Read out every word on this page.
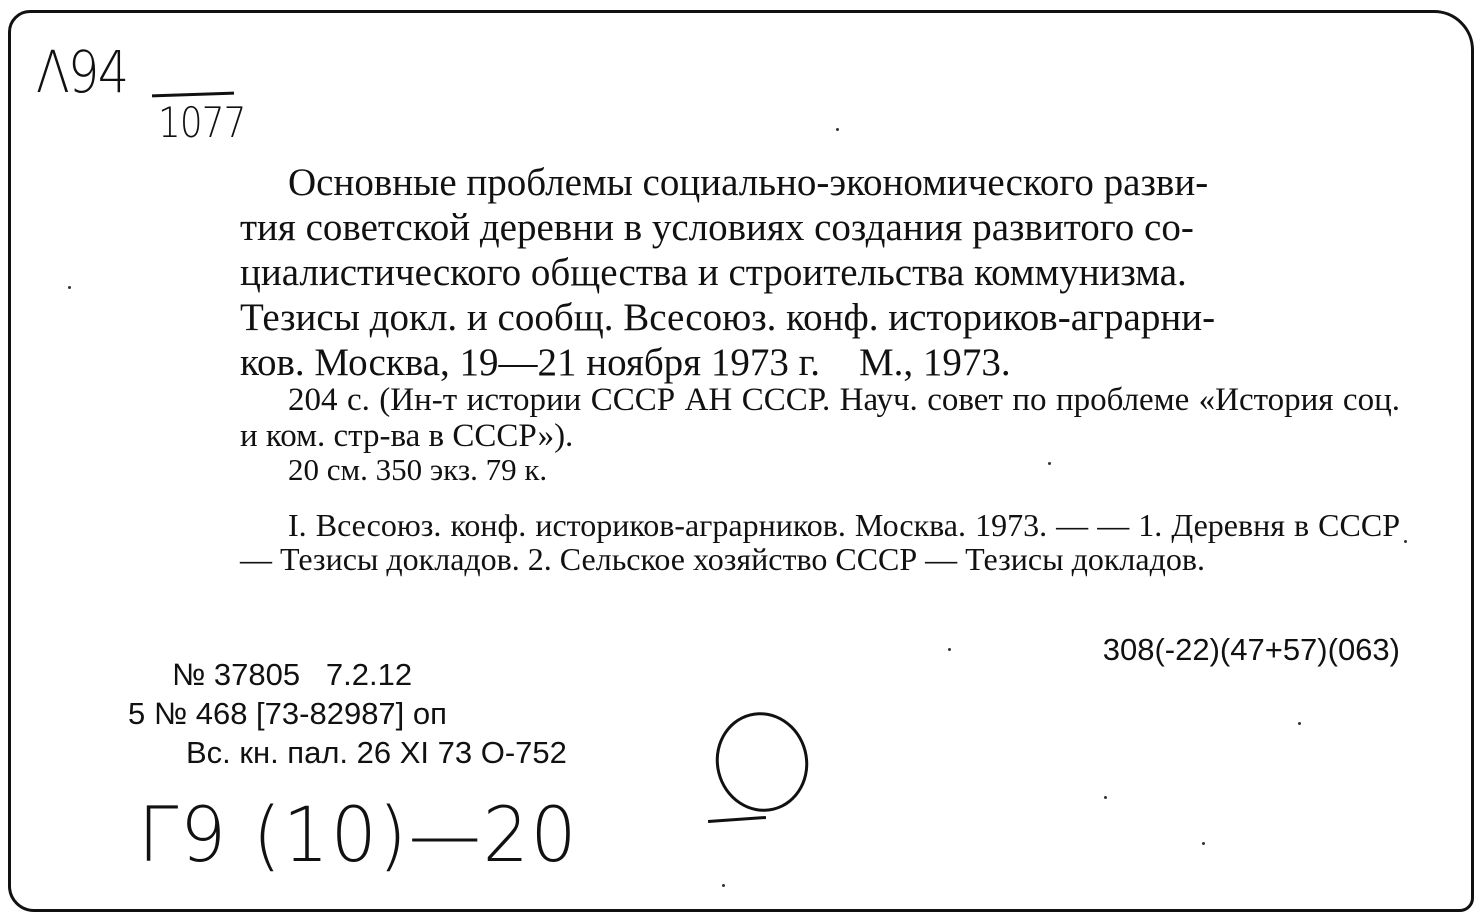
Λ94
1077
Основные проблемы социально-экономического разви-
тия советской деревни в условиях создания развитого со-
циалистического общества и строительства коммунизма.
Тезисы докл. и сообщ. Всесоюз. конф. историков-аграрни-
ков. Москва, 19—21 ноября 1973 г.    М., 1973.
204 с. (Ин-т истории СССР АН СССР. Науч. совет по проблеме «История соц. и ком. стр-ва в СССР»).
20 см. 350 экз. 79 к.
I. Всесоюз. конф. историков-аграрников. Москва. 1973. — — 1. Деревня в СССР — Тезисы докладов. 2. Сельское хозяйство СССР — Тезисы докладов.
308(-22)(47+57)(063)
№ 37805   7.2.12
5 № 468 [73-82987] оп
Вс. кн. пал. 26 XI 73 О-752
Г9 (10)—20
